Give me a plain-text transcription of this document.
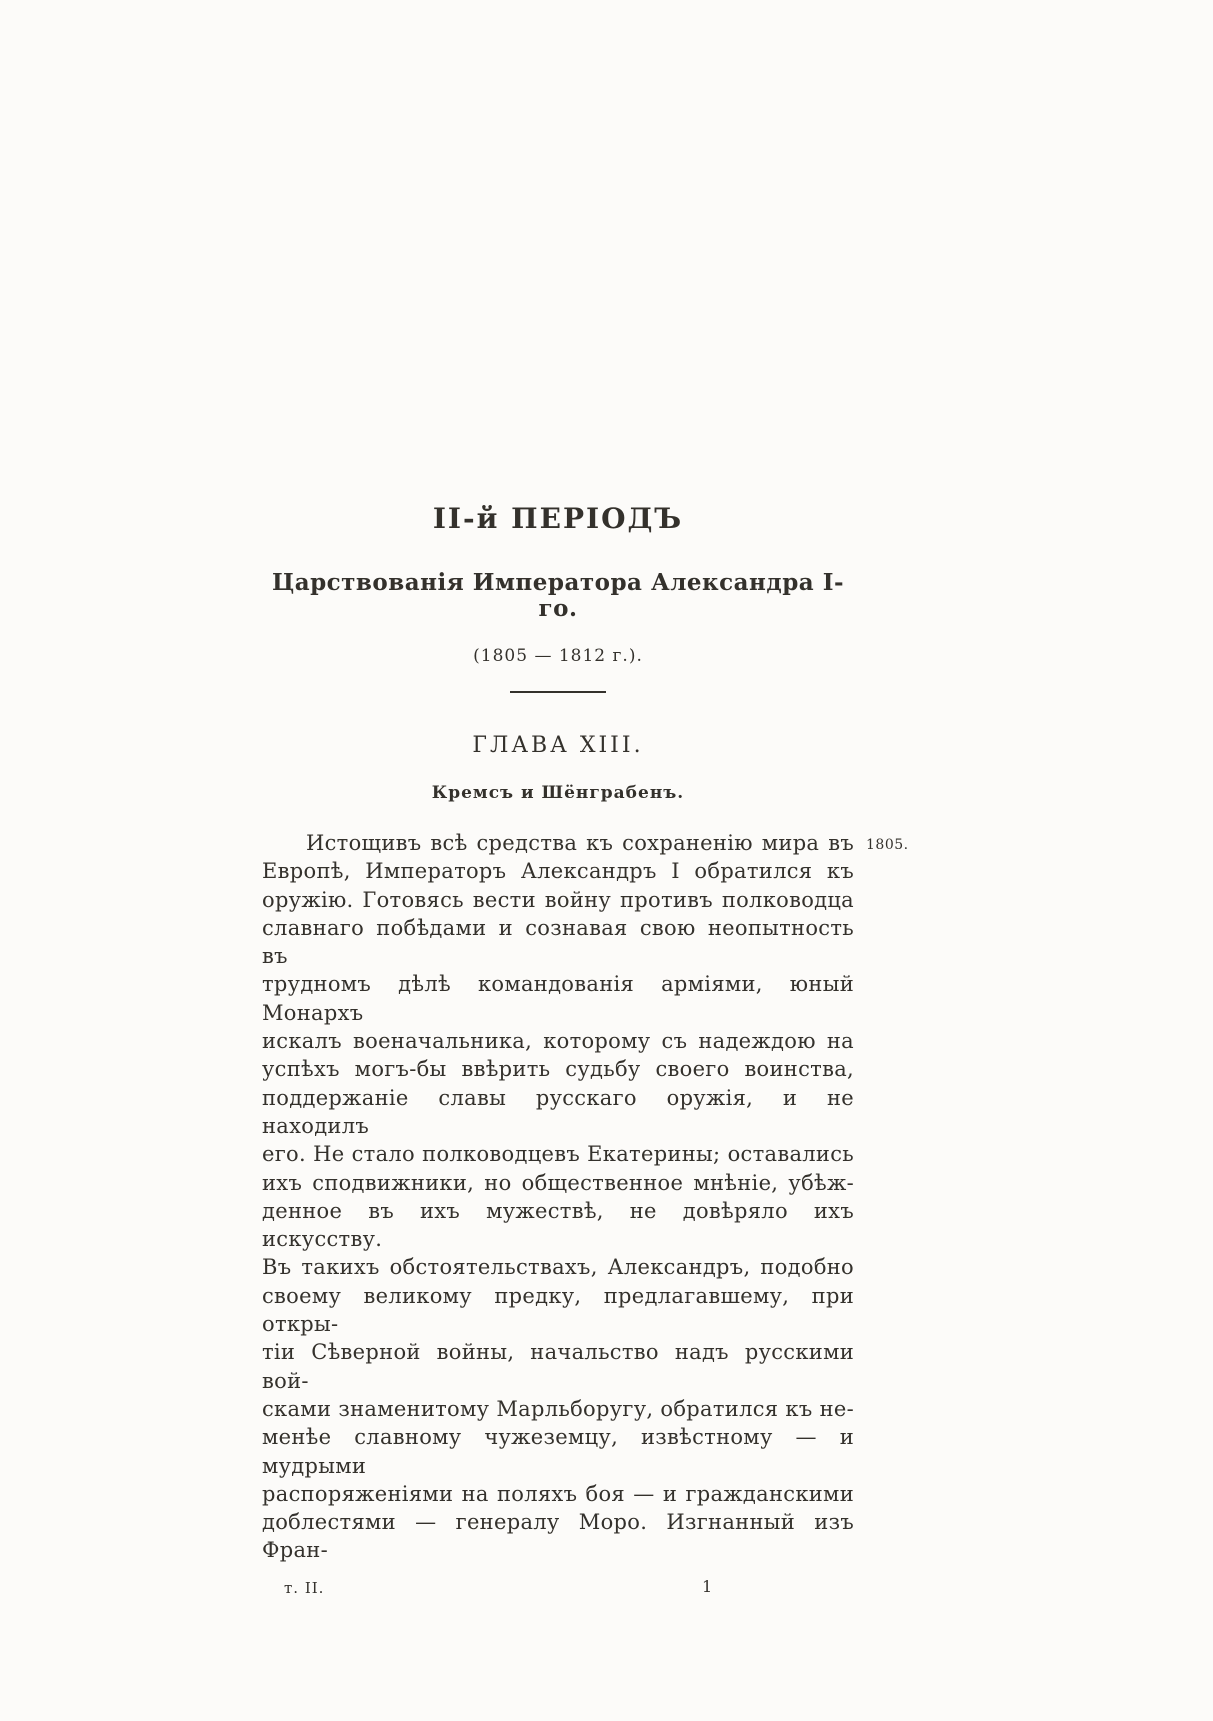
II-й ПЕРІОДЪ
Царствованія Императора Александра I-го.
(1805 — 1812 г.).
ГЛАВА XIII.
Кремсъ и Шёнграбенъ.
1805.
Истощивъ всѣ средства къ сохраненію мира въ
Европѣ, Императоръ Александръ I обратился къ
оружію. Готовясь вести войну противъ полководца
славнаго побѣдами и сознавая свою неопытность въ
трудномъ дѣлѣ командованія арміями, юный Монархъ
искалъ военачальника, которому съ надеждою на
успѣхъ могъ-бы ввѣрить судьбу своего воинства,
поддержаніе славы русскаго оружія, и не находилъ
его. Не стало полководцевъ Екатерины; оставались
ихъ сподвижники, но общественное мнѣніе, убѣж-
денное въ ихъ мужествѣ, не довѣряло ихъ искусству.
Въ такихъ обстоятельствахъ, Александръ, подобно
своему великому предку, предлагавшему, при откры-
тіи Сѣверной войны, начальство надъ русскими вой-
сками знаменитому Марльборугу, обратился къ не-
менѣе славному чужеземцу, извѣстному — и мудрыми
распоряженіями на поляхъ боя — и гражданскими
доблестями — генералу Моро. Изгнанный изъ Фран-
т. II.	1
